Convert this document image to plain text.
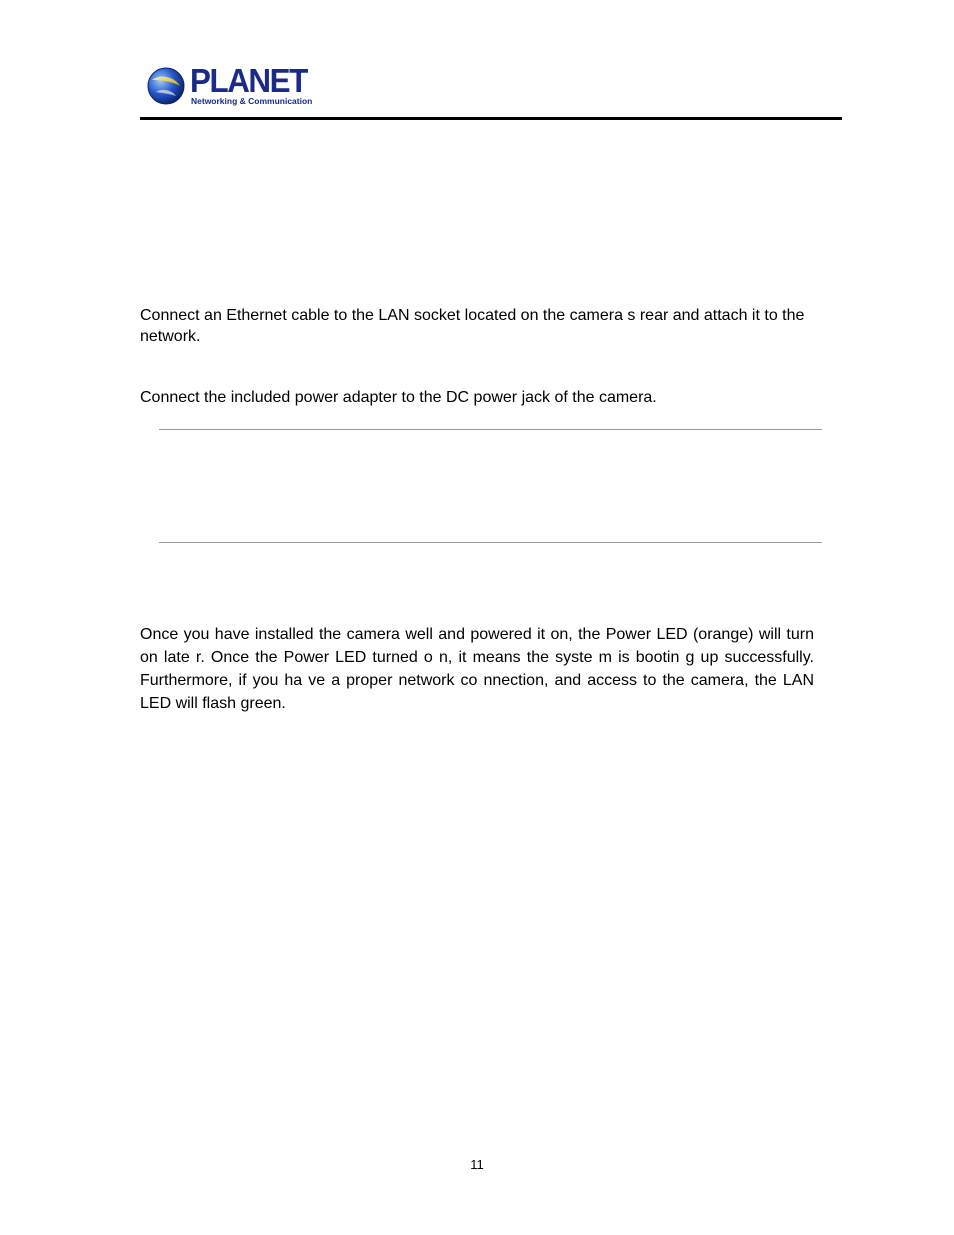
PLANET
Networking & Communication
Connect an Ethernet cable to the LAN socket located on the camera s rear and attach it to the network.
Connect the included power adapter to the DC power jack of the camera.
Once you have installed the camera well and powered it on, the Power LED (orange) will turn on late r. Once the Power LED turned o n, it means the syste m is bootin g up successfully. Furthermore, if you ha ve a proper network co nnection, and access to the camera, the LAN LED will flash green.
11
